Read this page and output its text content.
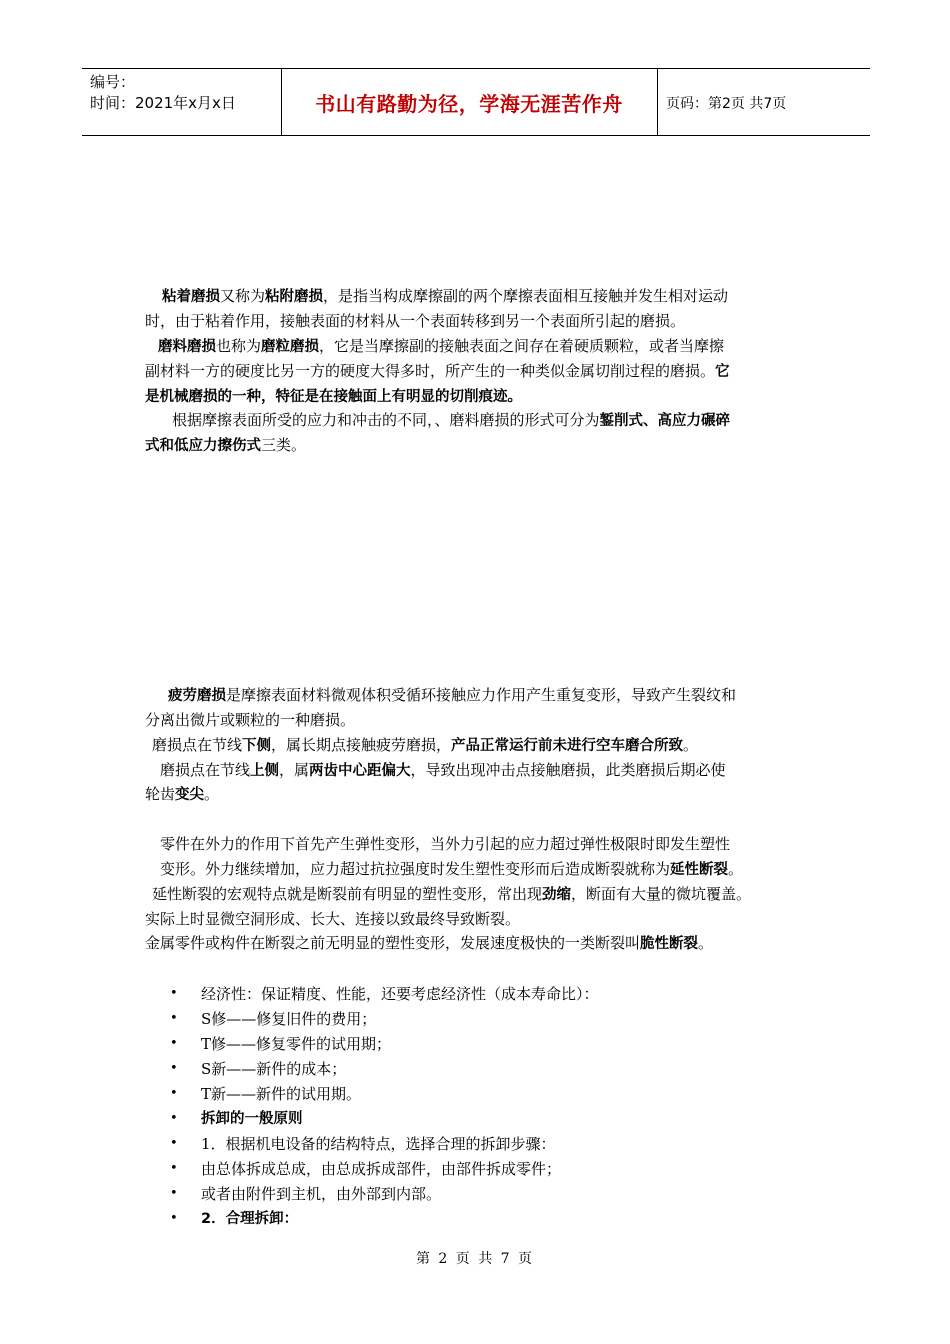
编号：
时间：2021年x月x日	书山有路勤为径，学海无涯苦作舟	页码：第2页 共7页
粘着磨损又称为粘附磨损，是指当构成摩擦副的两个摩擦表面相互接触并发生相对运动
时，由于粘着作用，接触表面的材料从一个表面转移到另一个表面所引起的磨损。
磨料磨损也称为磨粒磨损，它是当摩擦副的接触表面之间存在着硬质颗粒，或者当摩擦
副材料一方的硬度比另一方的硬度大得多时，所产生的一种类似金属切削过程的磨损。它
是机械磨损的一种，特征是在接触面上有明显的切削痕迹。
根据摩擦表面所受的应力和冲击的不同，、磨料磨损的形式可分为錾削式、高应力碾碎
式和低应力擦伤式三类。
疲劳磨损是摩擦表面材料微观体积受循环接触应力作用产生重复变形，导致产生裂纹和
分离出微片或颗粒的一种磨损。
磨损点在节线下侧，属长期点接触疲劳磨损，产品正常运行前未进行空车磨合所致。
磨损点在节线上侧，属两齿中心距偏大，导致出现冲击点接触磨损，此类磨损后期必使
轮齿变尖。
零件在外力的作用下首先产生弹性变形，当外力引起的应力超过弹性极限时即发生塑性
变形。外力继续增加，应力超过抗拉强度时发生塑性变形而后造成断裂就称为延性断裂。
延性断裂的宏观特点就是断裂前有明显的塑性变形，常出现劲缩，断面有大量的微坑覆盖。
实际上时显微空洞形成、长大、连接以致最终导致断裂。
金属零件或构件在断裂之前无明显的塑性变形，发展速度极快的一类断裂叫脆性断裂。
• 经济性：保证精度、性能，还要考虑经济性（成本寿命比）：
• S修——修复旧件的费用；
• T修——修复零件的试用期；
• S新——新件的成本；
• T新——新件的试用期。
• 拆卸的一般原则
• 1．根据机电设备的结构特点，选择合理的拆卸步骤：
• 由总体拆成总成，由总成拆成部件，由部件拆成零件；
• 或者由附件到主机，由外部到内部。
• 2．合理拆卸：
第 2 页 共 7 页
